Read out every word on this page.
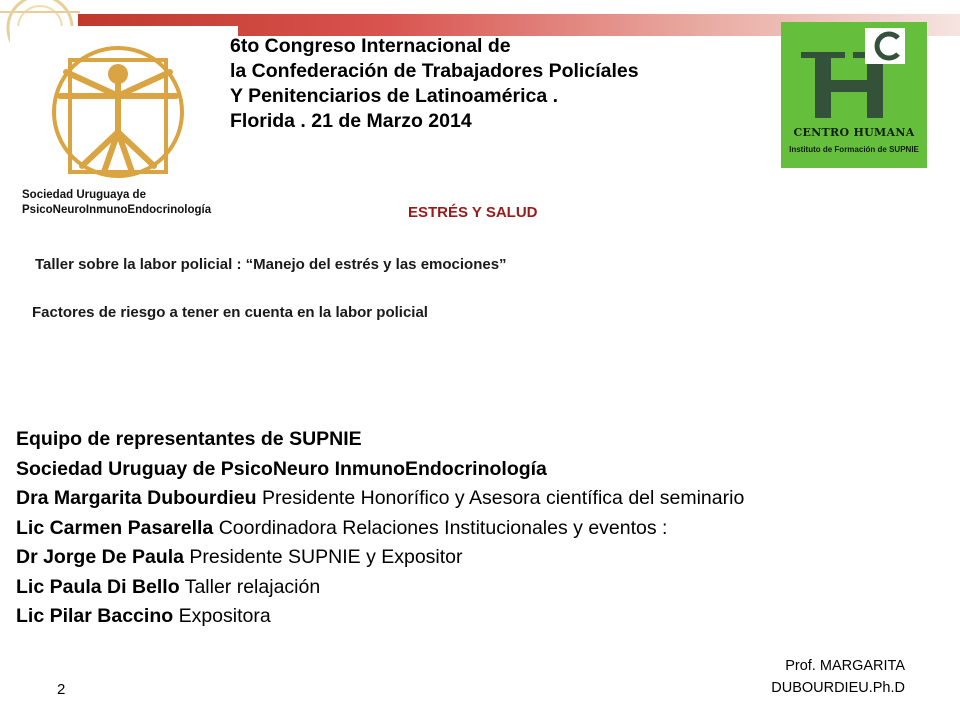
Sociedad Uruguaya de
PsicoNeuroInmunoEndocrinología
6to Congreso Internacional de
la Confederación de Trabajadores Policíales
Y Penitenciarios de Latinoamérica .
Florida . 21 de Marzo 2014
CENTRO HUMANA
Instituto de Formación de SUPNIE
ESTRÉS Y SALUD
Taller sobre la labor policial : “Manejo del estrés y las emociones”
Factores de riesgo a tener en cuenta en la labor policial
Equipo de representantes de SUPNIE
Sociedad Uruguay de PsicoNeuro InmunoEndocrinología
Dra Margarita Dubourdieu Presidente Honorífico y Asesora científica del seminario
Lic Carmen Pasarella Coordinadora Relaciones Institucionales y eventos :
Dr Jorge De Paula Presidente SUPNIE y Expositor
Lic Paula Di Bello Taller relajación
Lic Pilar Baccino Expositora
2
Prof. MARGARITA
DUBOURDIEU.Ph.D
